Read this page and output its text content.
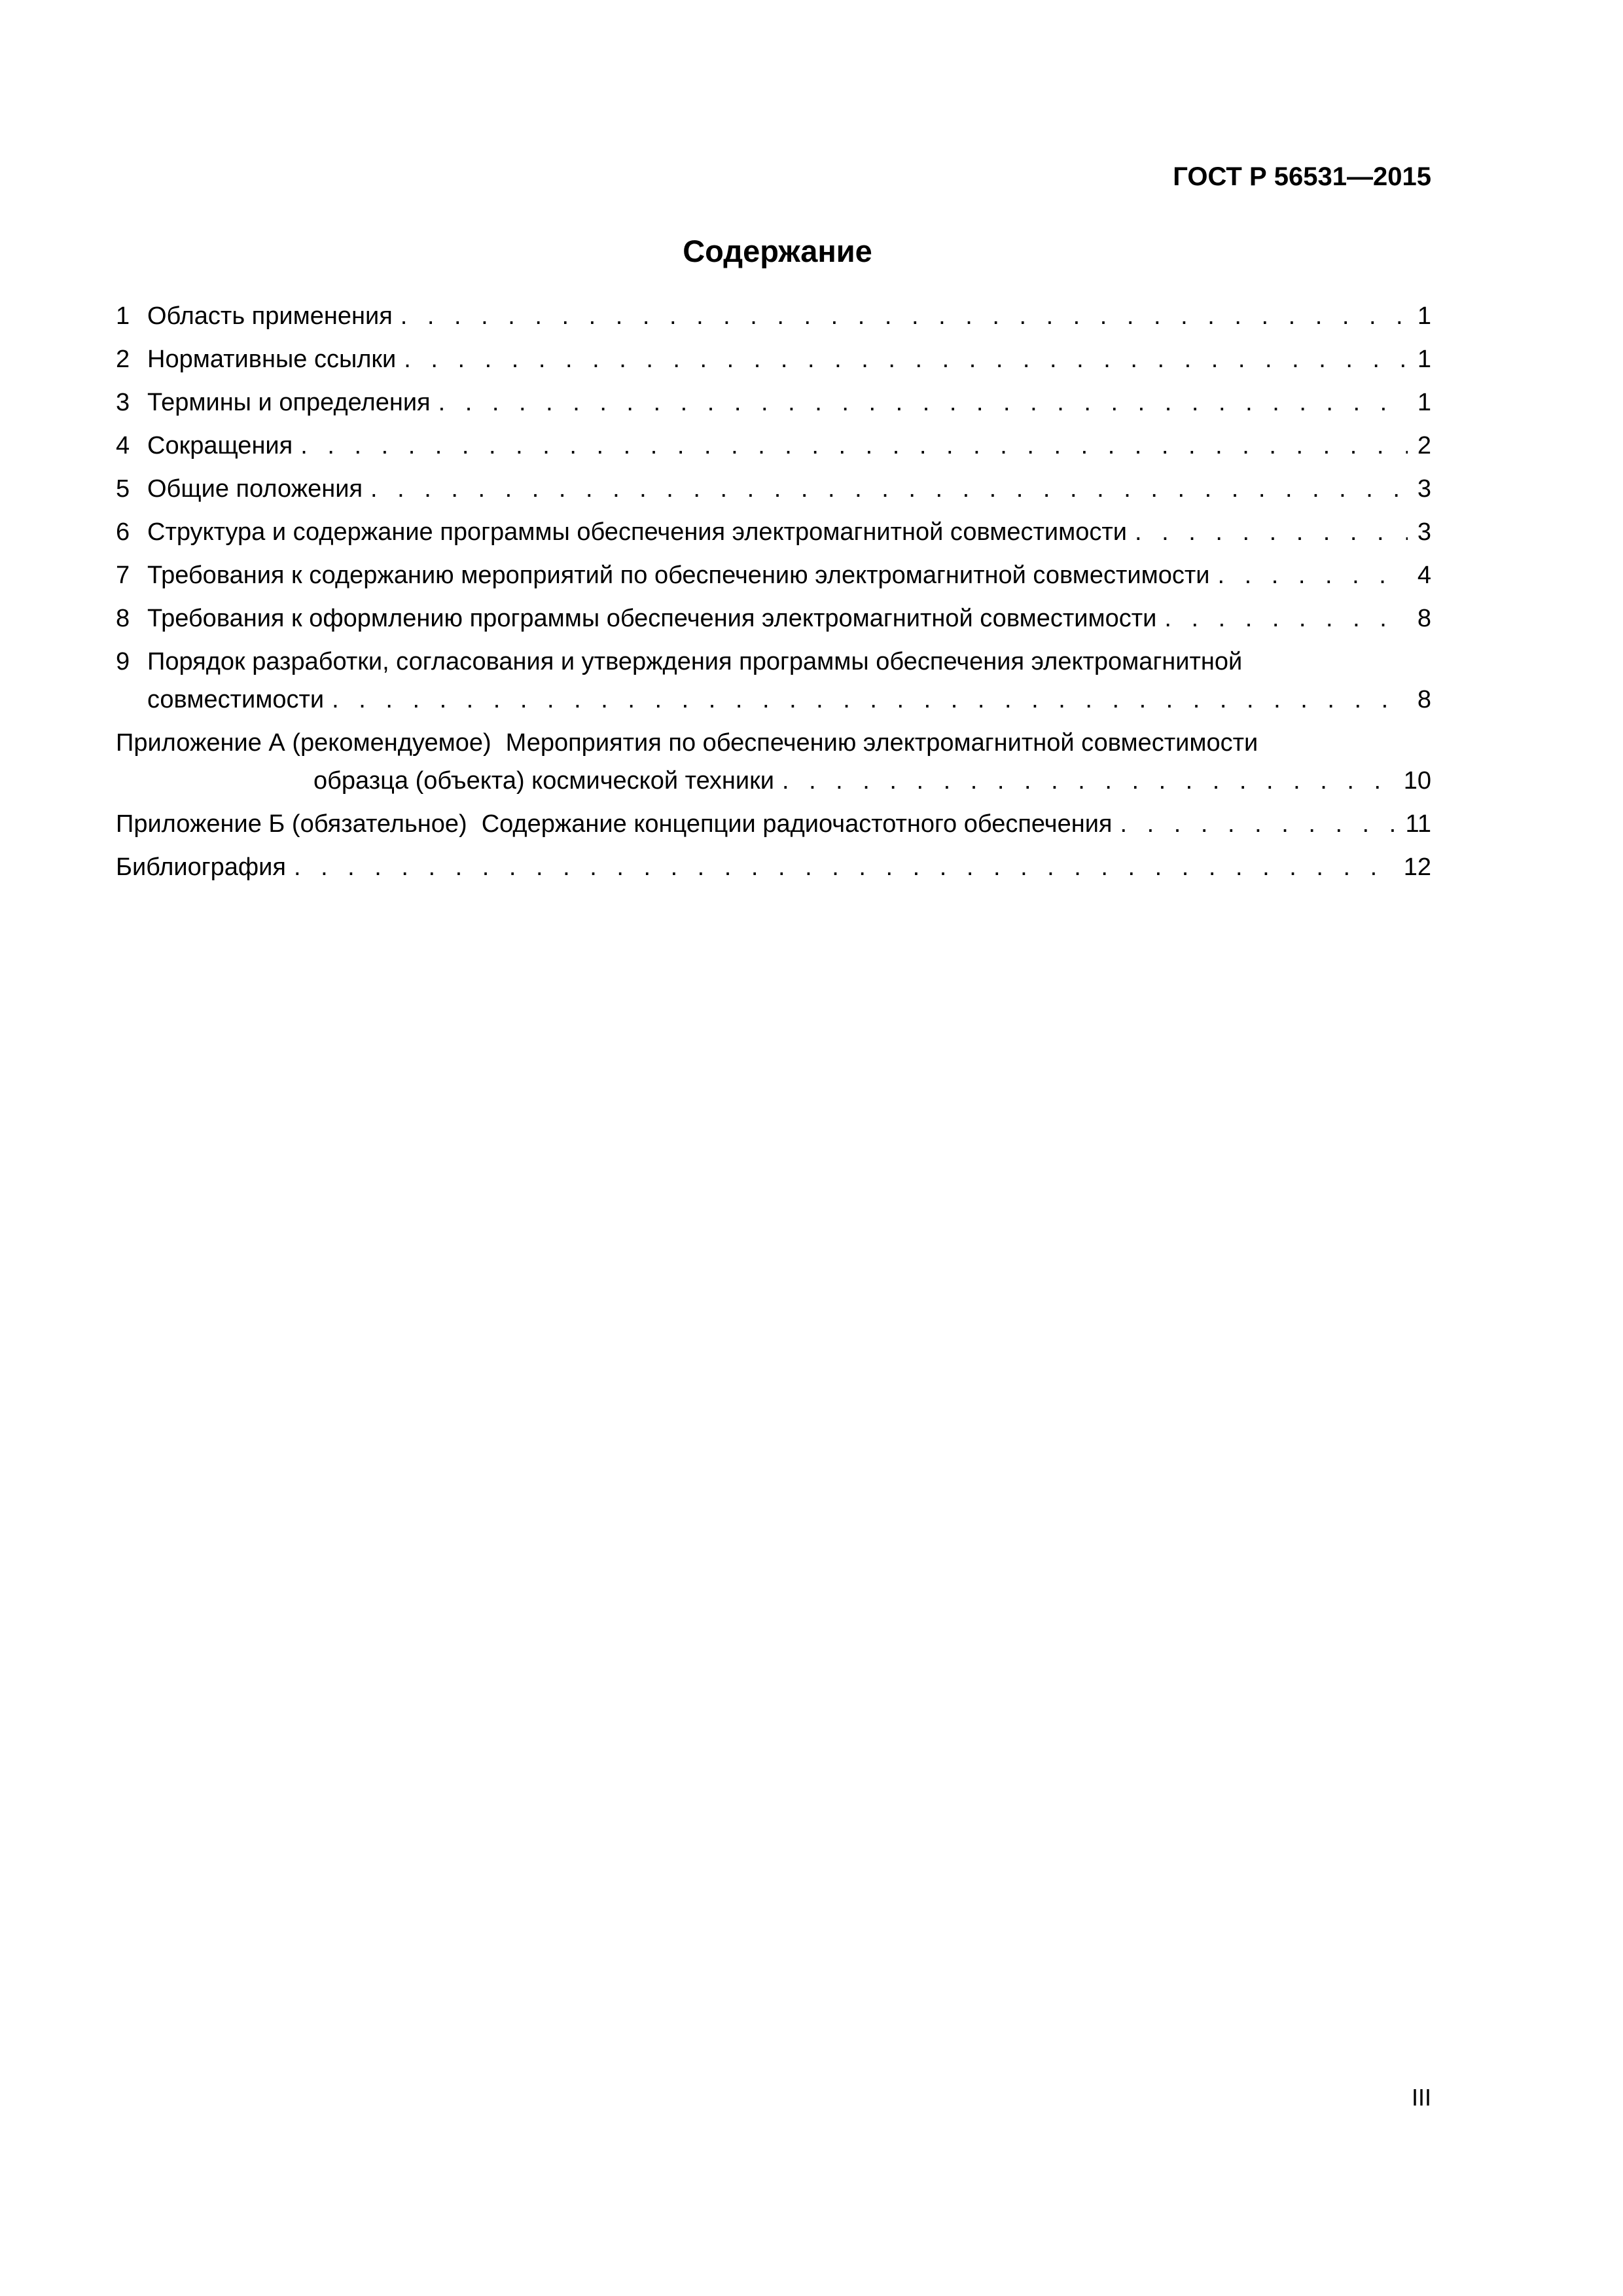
ГОСТ Р 56531—2015
Содержание
1 Область применения . . .	1
2 Нормативные ссылки . . .	1
3 Термины и определения . . .	1
4 Сокращения . . .	2
5 Общие положения . . .	3
6 Структура и содержание программы обеспечения электромагнитной совместимости . . .	3
7 Требования к содержанию мероприятий по обеспечению электромагнитной совместимости . . .	4
8 Требования к оформлению программы обеспечения электромагнитной совместимости . . .	8
9 Порядок разработки, согласования и утверждения программы обеспечения электромагнитной
совместимости . . .	8
Приложение А (рекомендуемое) Мероприятия по обеспечению электромагнитной совместимости
образца (объекта) космической техники . . .	10
Приложение Б (обязательное) Содержание концепции радиочастотного обеспечения . . .	11
Библиография . . .	12
III
